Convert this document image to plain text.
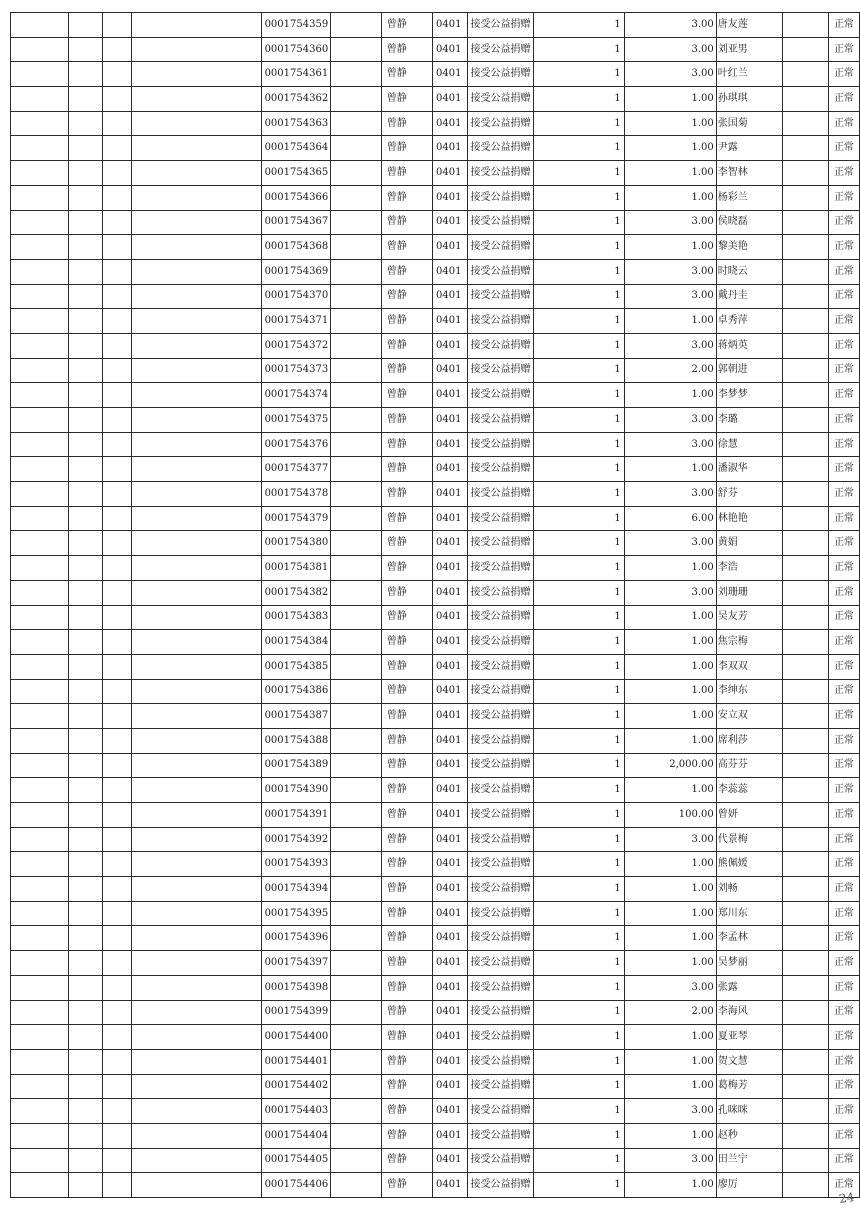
				0001754359		曾静	0401	接受公益捐赠	1	3.00	唐友莲		正常
				0001754360		曾静	0401	接受公益捐赠	1	3.00	刘亚男		正常
				0001754361		曾静	0401	接受公益捐赠	1	3.00	叶红兰		正常
				0001754362		曾静	0401	接受公益捐赠	1	1.00	孙琪琪		正常
				0001754363		曾静	0401	接受公益捐赠	1	1.00	张国菊		正常
				0001754364		曾静	0401	接受公益捐赠	1	1.00	尹露		正常
				0001754365		曾静	0401	接受公益捐赠	1	1.00	李智林		正常
				0001754366		曾静	0401	接受公益捐赠	1	1.00	杨彩兰		正常
				0001754367		曾静	0401	接受公益捐赠	1	3.00	侯晓磊		正常
				0001754368		曾静	0401	接受公益捐赠	1	1.00	黎美艳		正常
				0001754369		曾静	0401	接受公益捐赠	1	3.00	时晓云		正常
				0001754370		曾静	0401	接受公益捐赠	1	3.00	戴丹圭		正常
				0001754371		曾静	0401	接受公益捐赠	1	1.00	卓秀萍		正常
				0001754372		曾静	0401	接受公益捐赠	1	3.00	蒋炳英		正常
				0001754373		曾静	0401	接受公益捐赠	1	2.00	郭朝进		正常
				0001754374		曾静	0401	接受公益捐赠	1	1.00	李梦梦		正常
				0001754375		曾静	0401	接受公益捐赠	1	3.00	李璐		正常
				0001754376		曾静	0401	接受公益捐赠	1	3.00	徐慧		正常
				0001754377		曾静	0401	接受公益捐赠	1	1.00	潘淑华		正常
				0001754378		曾静	0401	接受公益捐赠	1	3.00	舒芬		正常
				0001754379		曾静	0401	接受公益捐赠	1	6.00	林艳艳		正常
				0001754380		曾静	0401	接受公益捐赠	1	3.00	黄娟		正常
				0001754381		曾静	0401	接受公益捐赠	1	1.00	李浩		正常
				0001754382		曾静	0401	接受公益捐赠	1	3.00	刘珊珊		正常
				0001754383		曾静	0401	接受公益捐赠	1	1.00	吴友芳		正常
				0001754384		曾静	0401	接受公益捐赠	1	1.00	焦宗梅		正常
				0001754385		曾静	0401	接受公益捐赠	1	1.00	李双双		正常
				0001754386		曾静	0401	接受公益捐赠	1	1.00	李绅东		正常
				0001754387		曾静	0401	接受公益捐赠	1	1.00	安立双		正常
				0001754388		曾静	0401	接受公益捐赠	1	1.00	席利莎		正常
				0001754389		曾静	0401	接受公益捐赠	1	2,000.00	高芬芬		正常
				0001754390		曾静	0401	接受公益捐赠	1	1.00	李蕊蕊		正常
				0001754391		曾静	0401	接受公益捐赠	1	100.00	曾妍		正常
				0001754392		曾静	0401	接受公益捐赠	1	3.00	代景梅		正常
				0001754393		曾静	0401	接受公益捐赠	1	1.00	熊佩媛		正常
				0001754394		曾静	0401	接受公益捐赠	1	1.00	刘畅		正常
				0001754395		曾静	0401	接受公益捐赠	1	1.00	郑川东		正常
				0001754396		曾静	0401	接受公益捐赠	1	1.00	李孟林		正常
				0001754397		曾静	0401	接受公益捐赠	1	1.00	吴梦丽		正常
				0001754398		曾静	0401	接受公益捐赠	1	3.00	张露		正常
				0001754399		曾静	0401	接受公益捐赠	1	2.00	李海风		正常
				0001754400		曾静	0401	接受公益捐赠	1	1.00	夏亚琴		正常
				0001754401		曾静	0401	接受公益捐赠	1	1.00	贺文慧		正常
				0001754402		曾静	0401	接受公益捐赠	1	1.00	葛梅芳		正常
				0001754403		曾静	0401	接受公益捐赠	1	3.00	孔咪咪		正常
				0001754404		曾静	0401	接受公益捐赠	1	1.00	赵秒		正常
				0001754405		曾静	0401	接受公益捐赠	1	3.00	田兰宁		正常
				0001754406		曾静	0401	接受公益捐赠	1	1.00	廖厉		正常
24
